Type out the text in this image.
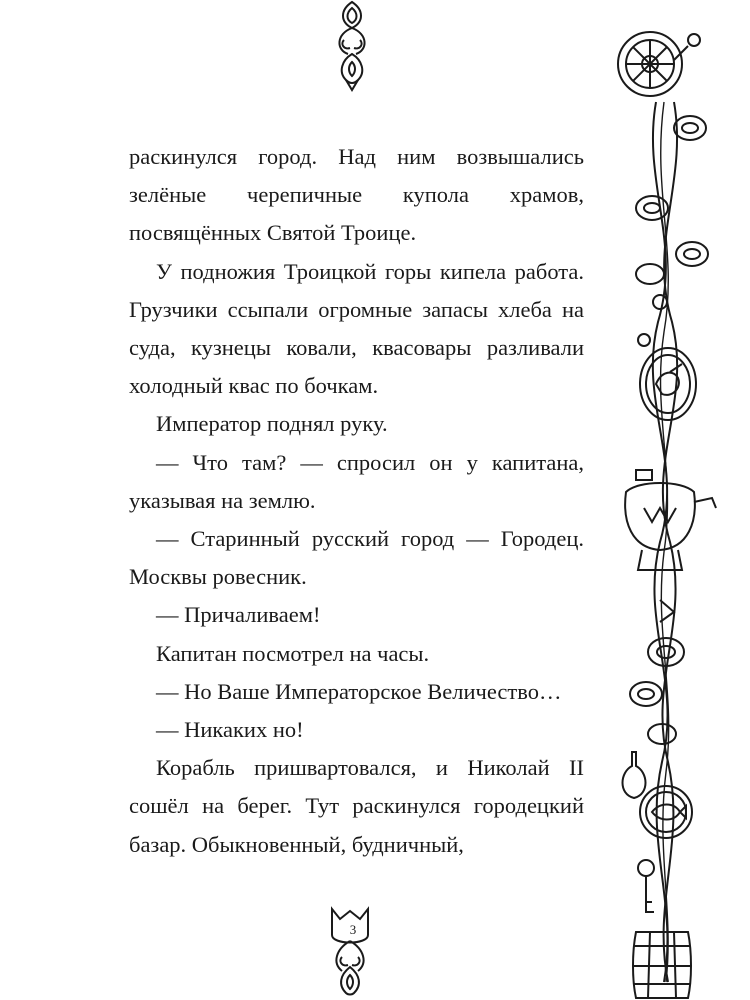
раскинулся город. Над ним возвышались зелёные черепичные купола храмов, посвящённых Святой Троице.

У подножия Троицкой горы кипела работа. Грузчики ссыпали огромные запасы хлеба на суда, кузнецы ковали, квасовары разливали холодный квас по бочкам.

Император поднял руку.

— Что там? — спросил он у капитана, указывая на землю.

— Старинный русский город — Городец. Москвы ровесник.

— Причаливаем!

Капитан посмотрел на часы.

— Но Ваше Императорское Величество…

— Никаких но!

Корабль пришвартовался, и Николай II сошёл на берег. Тут раскинулся городецкий базар. Обыкновенный, будничный,

3
